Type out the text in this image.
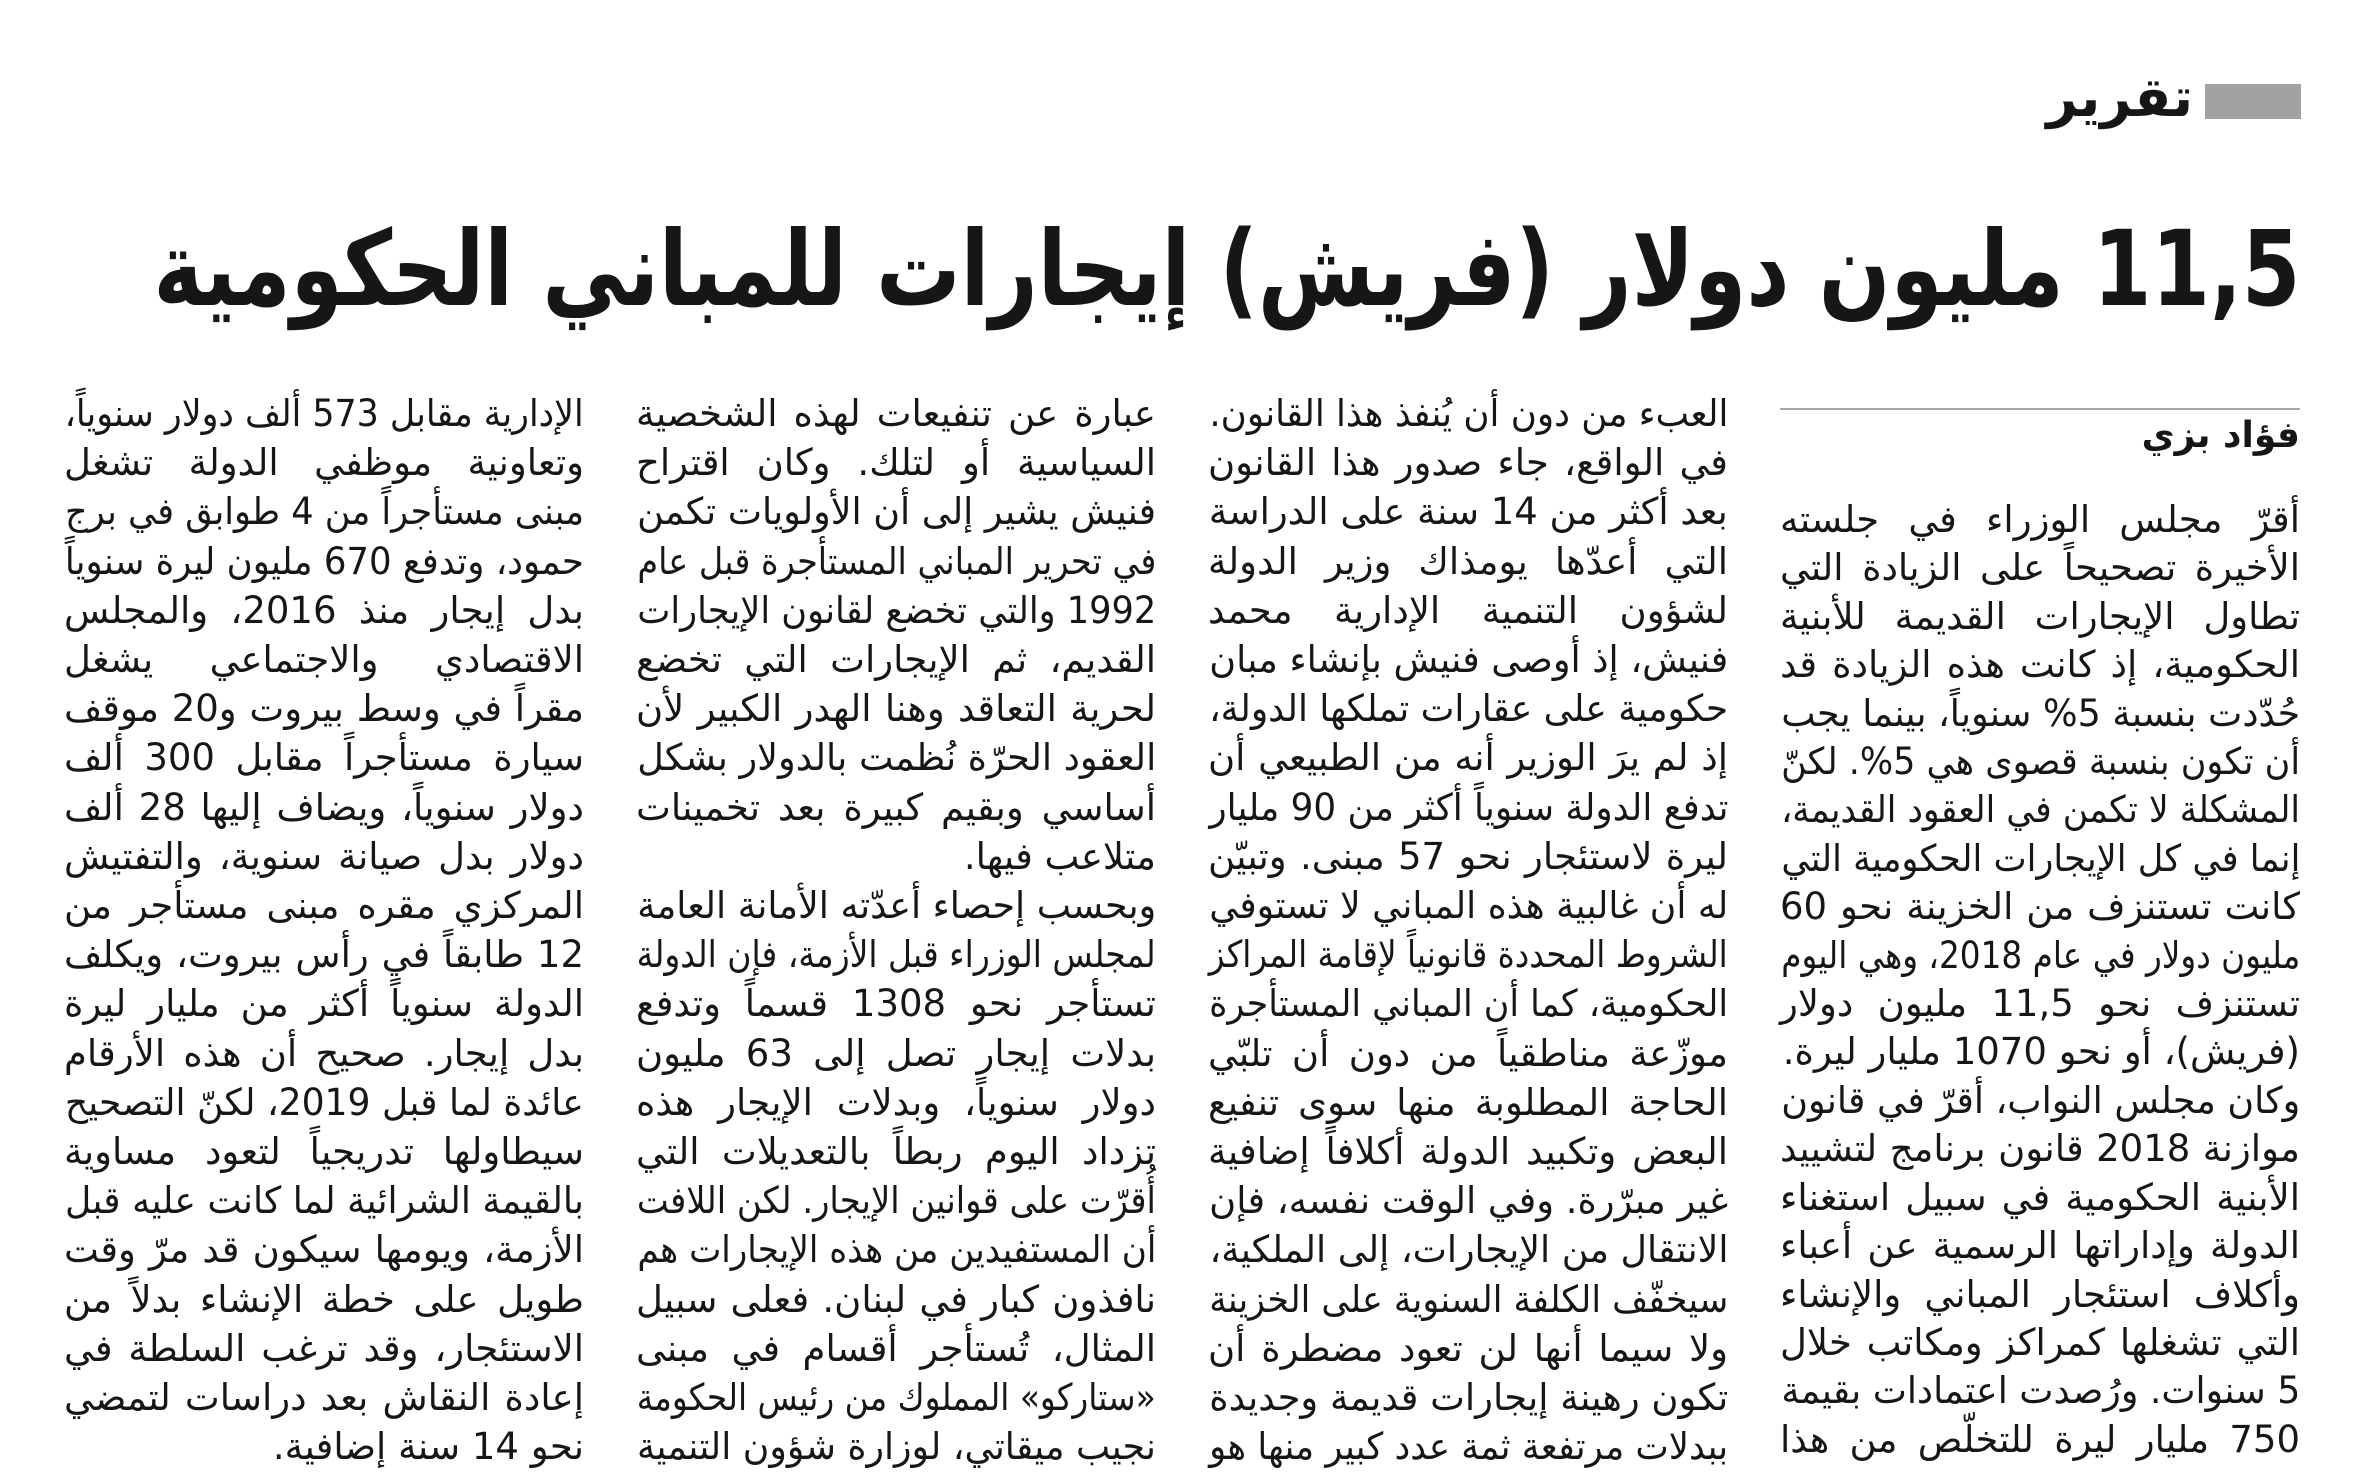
تقرير
11,5 مليون دولار (فريش) إيجارات للمباني الحكومية
فؤاد بزي
أقرّ مجلس الوزراء في جلسته
الأخيرة تصحيحاً على الزيادة التي
تطاول الإيجارات القديمة للأبنية
الحكومية، إذ كانت هذه الزيادة قد
حُدّدت بنسبة 5% سنوياً، بينما يجب
أن تكون بنسبة قصوى هي 5%. لكنّ
المشكلة لا تكمن في العقود القديمة،
إنما في كل الإيجارات الحكومية التي
كانت تستنزف من الخزينة نحو 60
مليون دولار في عام 2018، وهي اليوم
تستنزف نحو 11,5 مليون دولار
(فريش)، أو نحو 1070 مليار ليرة.
وكان مجلس النواب، أقرّ في قانون
موازنة 2018 قانون برنامج لتشييد
الأبنية الحكومية في سبيل استغناء
الدولة وإداراتها الرسمية عن أعباء
وأكلاف استئجار المباني والإنشاء
التي تشغلها كمراكز ومكاتب خلال
5 سنوات. ورُصدت اعتمادات بقيمة
750 مليار ليرة للتخلّص من هذا
العبء من دون أن يُنفذ هذا القانون.
في الواقع، جاء صدور هذا القانون
بعد أكثر من 14 سنة على الدراسة
التي أعدّها يومذاك وزير الدولة
لشؤون التنمية الإدارية محمد
فنيش، إذ أوصى فنيش بإنشاء مبان
حكومية على عقارات تملكها الدولة،
إذ لم يرَ الوزير أنه من الطبيعي أن
تدفع الدولة سنوياً أكثر من 90 مليار
ليرة لاستئجار نحو 57 مبنى. وتبيّن
له أن غالبية هذه المباني لا تستوفي
الشروط المحددة قانونياً لإقامة المراكز
الحكومية، كما أن المباني المستأجرة
موزّعة مناطقياً من دون أن تلبّي
الحاجة المطلوبة منها سوى تنفيع
البعض وتكبيد الدولة أكلافاً إضافية
غير مبرّرة. وفي الوقت نفسه، فإن
الانتقال من الإيجارات، إلى الملكية،
سيخفّف الكلفة السنوية على الخزينة
ولا سيما أنها لن تعود مضطرة أن
تكون رهينة إيجارات قديمة وجديدة
ببدلات مرتفعة ثمة عدد كبير منها هو
عبارة عن تنفيعات لهذه الشخصية
السياسية أو لتلك. وكان اقتراح
فنيش يشير إلى أن الأولويات تكمن
في تحرير المباني المستأجرة قبل عام
1992 والتي تخضع لقانون الإيجارات
القديم، ثم الإيجارات التي تخضع
لحرية التعاقد وهنا الهدر الكبير لأن
العقود الحرّة نُظمت بالدولار بشكل
أساسي وبقيم كبيرة بعد تخمينات
متلاعب فيها.
وبحسب إحصاء أعدّته الأمانة العامة
لمجلس الوزراء قبل الأزمة، فإن الدولة
تستأجر نحو 1308 قسماً وتدفع
بدلات إيجار تصل إلى 63 مليون
دولار سنوياً، وبدلات الإيجار هذه
تزداد اليوم ربطاً بالتعديلات التي
أُقرّت على قوانين الإيجار. لكن اللافت
أن المستفيدين من هذه الإيجارات هم
نافذون كبار في لبنان. فعلى سبيل
المثال، تُستأجر أقسام في مبنى
«ستاركو» المملوك من رئيس الحكومة
نجيب ميقاتي، لوزارة شؤون التنمية
الإدارية مقابل 573 ألف دولار سنوياً،
وتعاونية موظفي الدولة تشغل
مبنى مستأجراً من 4 طوابق في برج
حمود، وتدفع 670 مليون ليرة سنوياً
بدل إيجار منذ 2016، والمجلس
الاقتصادي والاجتماعي يشغل
مقراً في وسط بيروت و20 موقف
سيارة مستأجراً مقابل 300 ألف
دولار سنوياً، ويضاف إليها 28 ألف
دولار بدل صيانة سنوية، والتفتيش
المركزي مقره مبنى مستأجر من
12 طابقاً في رأس بيروت، ويكلف
الدولة سنوياً أكثر من مليار ليرة
بدل إيجار. صحيح أن هذه الأرقام
عائدة لما قبل 2019، لكنّ التصحيح
سيطاولها تدريجياً لتعود مساوية
بالقيمة الشرائية لما كانت عليه قبل
الأزمة، ويومها سيكون قد مرّ وقت
طويل على خطة الإنشاء بدلاً من
الاستئجار، وقد ترغب السلطة في
إعادة النقاش بعد دراسات لتمضي
نحو 14 سنة إضافية.
